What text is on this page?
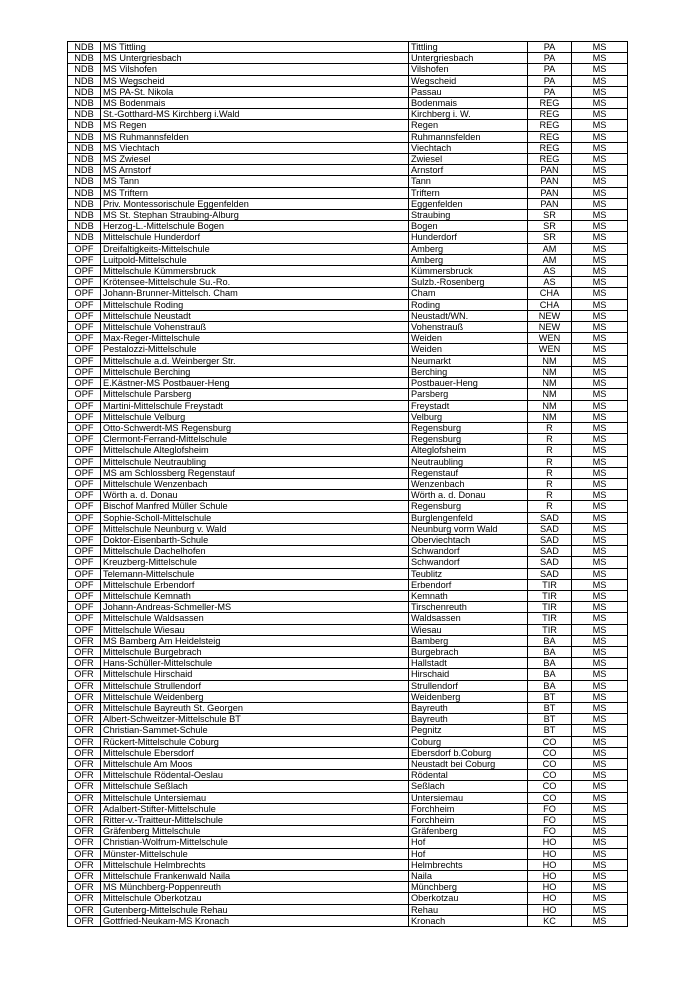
NDB	MS Tittling	Tittling	PA	MS
NDB	MS Untergriesbach	Untergriesbach	PA	MS
NDB	MS Vilshofen	Vilshofen	PA	MS
NDB	MS Wegscheid	Wegscheid	PA	MS
NDB	MS PA-St. Nikola	Passau	PA	MS
NDB	MS Bodenmais	Bodenmais	REG	MS
NDB	St.-Gotthard-MS Kirchberg i.Wald	Kirchberg i. W.	REG	MS
NDB	MS Regen	Regen	REG	MS
NDB	MS Ruhmannsfelden	Ruhmannsfelden	REG	MS
NDB	MS Viechtach	Viechtach	REG	MS
NDB	MS Zwiesel	Zwiesel	REG	MS
NDB	MS Arnstorf	Arnstorf	PAN	MS
NDB	MS Tann	Tann	PAN	MS
NDB	MS Triftern	Triftern	PAN	MS
NDB	Priv. Montessorischule Eggenfelden	Eggenfelden	PAN	MS
NDB	MS St. Stephan Straubing-Alburg	Straubing	SR	MS
NDB	Herzog-L.-Mittelschule Bogen	Bogen	SR	MS
NDB	Mittelschule Hunderdorf	Hunderdorf	SR	MS
OPF	Dreifaltigkeits-Mittelschule	Amberg	AM	MS
OPF	Luitpold-Mittelschule	Amberg	AM	MS
OPF	Mittelschule Kümmersbruck	Kümmersbruck	AS	MS
OPF	Krötensee-Mittelschule Su.-Ro.	Sulzb.-Rosenberg	AS	MS
OPF	Johann-Brunner-Mittelsch. Cham	Cham	CHA	MS
OPF	Mittelschule Roding	Roding	CHA	MS
OPF	Mittelschule Neustadt	Neustadt/WN.	NEW	MS
OPF	Mittelschule Vohenstrauß	Vohenstrauß	NEW	MS
OPF	Max-Reger-Mittelschule	Weiden	WEN	MS
OPF	Pestalozzi-Mittelschule	Weiden	WEN	MS
OPF	Mittelschule a.d. Weinberger Str.	Neumarkt	NM	MS
OPF	Mittelschule Berching	Berching	NM	MS
OPF	E.Kästner-MS Postbauer-Heng	Postbauer-Heng	NM	MS
OPF	Mittelschule Parsberg	Parsberg	NM	MS
OPF	Martini-Mittelschule Freystadt	Freystadt	NM	MS
OPF	Mittelschule Velburg	Velburg	NM	MS
OPF	Otto-Schwerdt-MS Regensburg	Regensburg	R	MS
OPF	Clermont-Ferrand-Mittelschule	Regensburg	R	MS
OPF	Mittelschule Alteglofsheim	Alteglofsheim	R	MS
OPF	Mittelschule Neutraubling	Neutraubling	R	MS
OPF	MS am Schlossberg Regenstauf	Regenstauf	R	MS
OPF	Mittelschule Wenzenbach	Wenzenbach	R	MS
OPF	Wörth a. d. Donau	Wörth a. d. Donau	R	MS
OPF	Bischof Manfred Müller Schule	Regensburg	R	MS
OPF	Sophie-Scholl-Mittelschule	Burglengenfeld	SAD	MS
OPF	Mittelschule Neunburg v. Wald	Neunburg vorm Wald	SAD	MS
OPF	Doktor-Eisenbarth-Schule	Oberviechtach	SAD	MS
OPF	Mittelschule Dachelhofen	Schwandorf	SAD	MS
OPF	Kreuzberg-Mittelschule	Schwandorf	SAD	MS
OPF	Telemann-Mittelschule	Teublitz	SAD	MS
OPF	Mittelschule Erbendorf	Erbendorf	TIR	MS
OPF	Mittelschule Kemnath	Kemnath	TIR	MS
OPF	Johann-Andreas-Schmeller-MS	Tirschenreuth	TIR	MS
OPF	Mittelschule Waldsassen	Waldsassen	TIR	MS
OPF	Mittelschule Wiesau	Wiesau	TIR	MS
OFR	MS Bamberg Am Heidelsteig	Bamberg	BA	MS
OFR	Mittelschule Burgebrach	Burgebrach	BA	MS
OFR	Hans-Schüller-Mittelschule	Hallstadt	BA	MS
OFR	Mittelschule Hirschaid	Hirschaid	BA	MS
OFR	Mittelschule Strullendorf	Strullendorf	BA	MS
OFR	Mittelschule Weidenberg	Weidenberg	BT	MS
OFR	Mittelschule Bayreuth St. Georgen	Bayreuth	BT	MS
OFR	Albert-Schweitzer-Mittelschule BT	Bayreuth	BT	MS
OFR	Christian-Sammet-Schule	Pegnitz	BT	MS
OFR	Rückert-Mittelschule Coburg	Coburg	CO	MS
OFR	Mittelschule Ebersdorf	Ebersdorf b.Coburg	CO	MS
OFR	Mittelschule Am Moos	Neustadt bei Coburg	CO	MS
OFR	Mittelschule Rödental-Oeslau	Rödental	CO	MS
OFR	Mittelschule Seßlach	Seßlach	CO	MS
OFR	Mittelschule Untersiemau	Untersiemau	CO	MS
OFR	Adalbert-Stifter-Mittelschule	Forchheim	FO	MS
OFR	Ritter-v.-Traitteur-Mittelschule	Forchheim	FO	MS
OFR	Gräfenberg Mittelschule	Gräfenberg	FO	MS
OFR	Christian-Wolfrum-Mittelschule	Hof	HO	MS
OFR	Münster-Mittelschule	Hof	HO	MS
OFR	Mittelschule Helmbrechts	Helmbrechts	HO	MS
OFR	Mittelschule Frankenwald Naila	Naila	HO	MS
OFR	MS Münchberg-Poppenreuth	Münchberg	HO	MS
OFR	Mittelschule Oberkotzau	Oberkotzau	HO	MS
OFR	Gutenberg-Mittelschule Rehau	Rehau	HO	MS
OFR	Gottfried-Neukam-MS Kronach	Kronach	KC	MS
